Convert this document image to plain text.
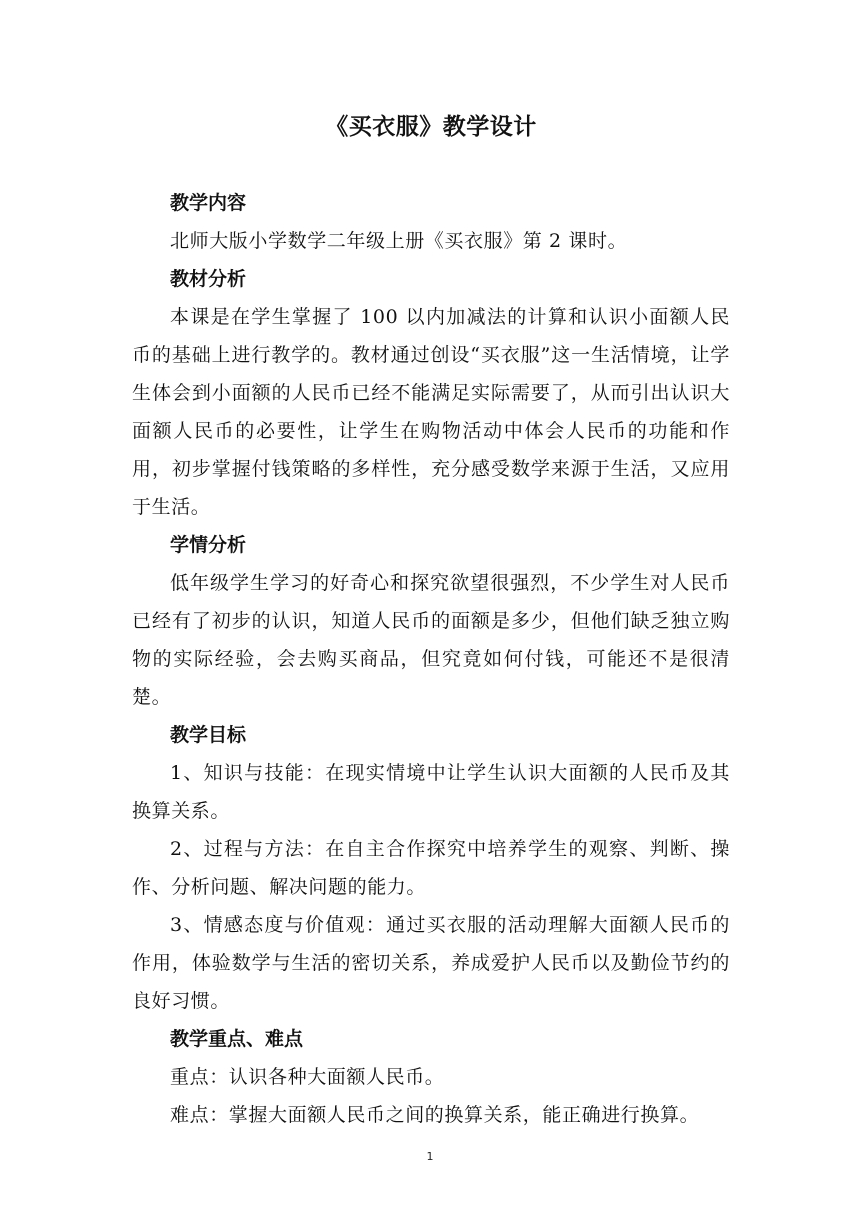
《买衣服》教学设计

教学内容

北师大版小学数学二年级上册《买衣服》第 2 课时。

教材分析

本课是在学生掌握了 100 以内加减法的计算和认识小面额人民币的基础上进行教学的。教材通过创设“买衣服”这一生活情境，让学生体会到小面额的人民币已经不能满足实际需要了，从而引出认识大面额人民币的必要性，让学生在购物活动中体会人民币的功能和作用，初步掌握付钱策略的多样性，充分感受数学来源于生活，又应用于生活。

学情分析

低年级学生学习的好奇心和探究欲望很强烈，不少学生对人民币已经有了初步的认识，知道人民币的面额是多少，但他们缺乏独立购物的实际经验，会去购买商品，但究竟如何付钱，可能还不是很清楚。

教学目标

1、知识与技能：在现实情境中让学生认识大面额的人民币及其换算关系。

2、过程与方法：在自主合作探究中培养学生的观察、判断、操作、分析问题、解决问题的能力。

3、情感态度与价值观：通过买衣服的活动理解大面额人民币的作用，体验数学与生活的密切关系，养成爱护人民币以及勤俭节约的良好习惯。

教学重点、难点

重点：认识各种大面额人民币。

难点：掌握大面额人民币之间的换算关系，能正确进行换算。

1
